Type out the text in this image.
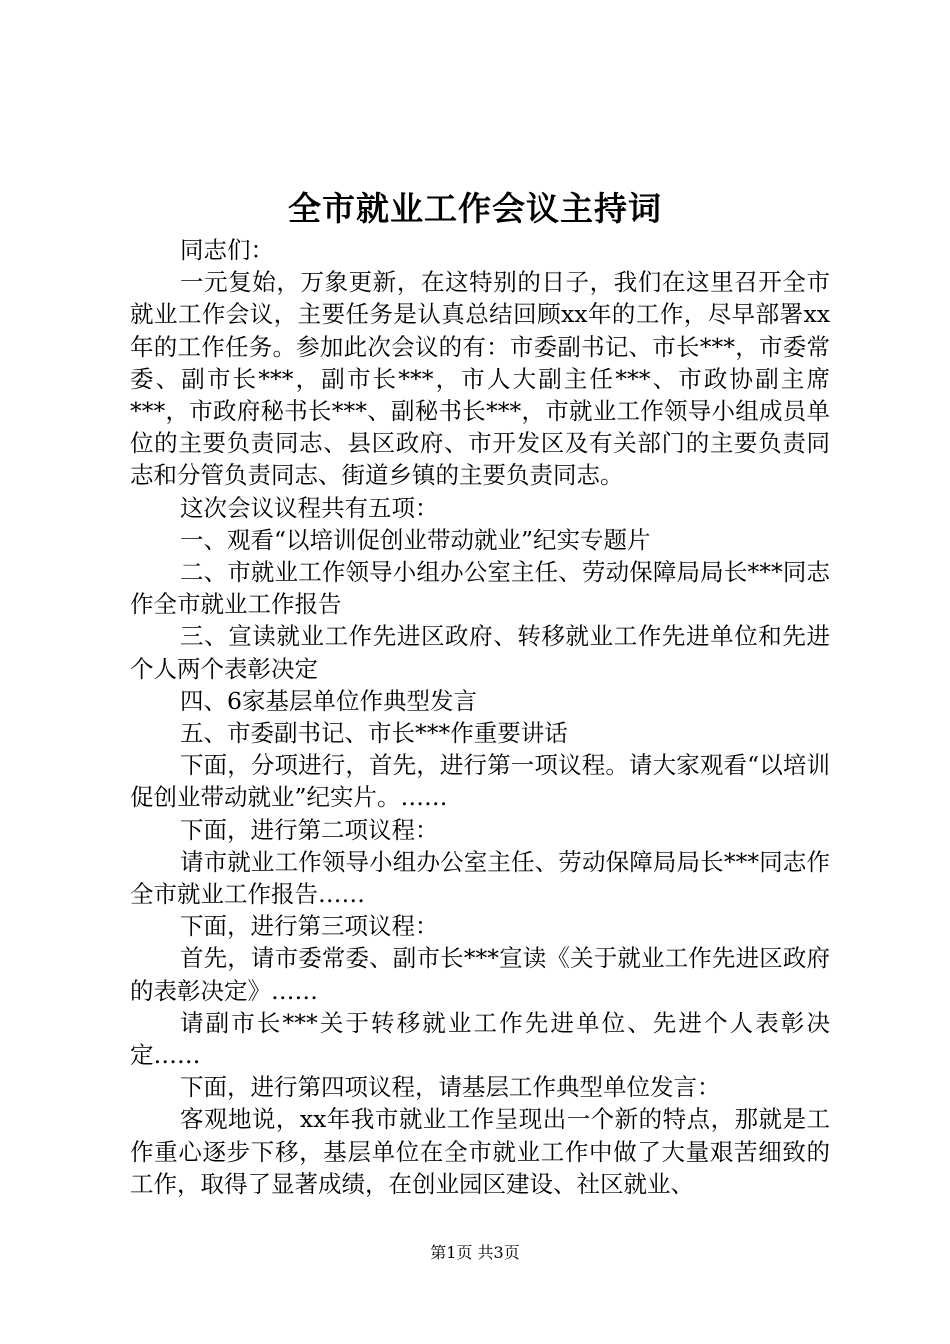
全市就业工作会议主持词

同志们：

一元复始，万象更新，在这特别的日子，我们在这里召开全市就业工作会议，主要任务是认真总结回顾xx年的工作，尽早部署xx年的工作任务。参加此次会议的有：市委副书记、市长***，市委常委、副市长***，副市长***，市人大副主任***、市政协副主席***，市政府秘书长***、副秘书长***，市就业工作领导小组成员单位的主要负责同志、县区政府、市开发区及有关部门的主要负责同志和分管负责同志、街道乡镇的主要负责同志。

这次会议议程共有五项：

一、观看“以培训促创业带动就业”纪实专题片

二、市就业工作领导小组办公室主任、劳动保障局局长***同志作全市就业工作报告

三、宣读就业工作先进区政府、转移就业工作先进单位和先进个人两个表彰决定

四、6家基层单位作典型发言

五、市委副书记、市长***作重要讲话

下面，分项进行，首先，进行第一项议程。请大家观看“以培训促创业带动就业”纪实片。……

下面，进行第二项议程：

请市就业工作领导小组办公室主任、劳动保障局局长***同志作全市就业工作报告……

下面，进行第三项议程：

首先，请市委常委、副市长***宣读《关于就业工作先进区政府的表彰决定》……

请副市长***关于转移就业工作先进单位、先进个人表彰决定……

下面，进行第四项议程，请基层工作典型单位发言：

客观地说，xx年我市就业工作呈现出一个新的特点，那就是工作重心逐步下移，基层单位在全市就业工作中做了大量艰苦细致的工作，取得了显著成绩，在创业园区建设、社区就业、

第1页 共3页
